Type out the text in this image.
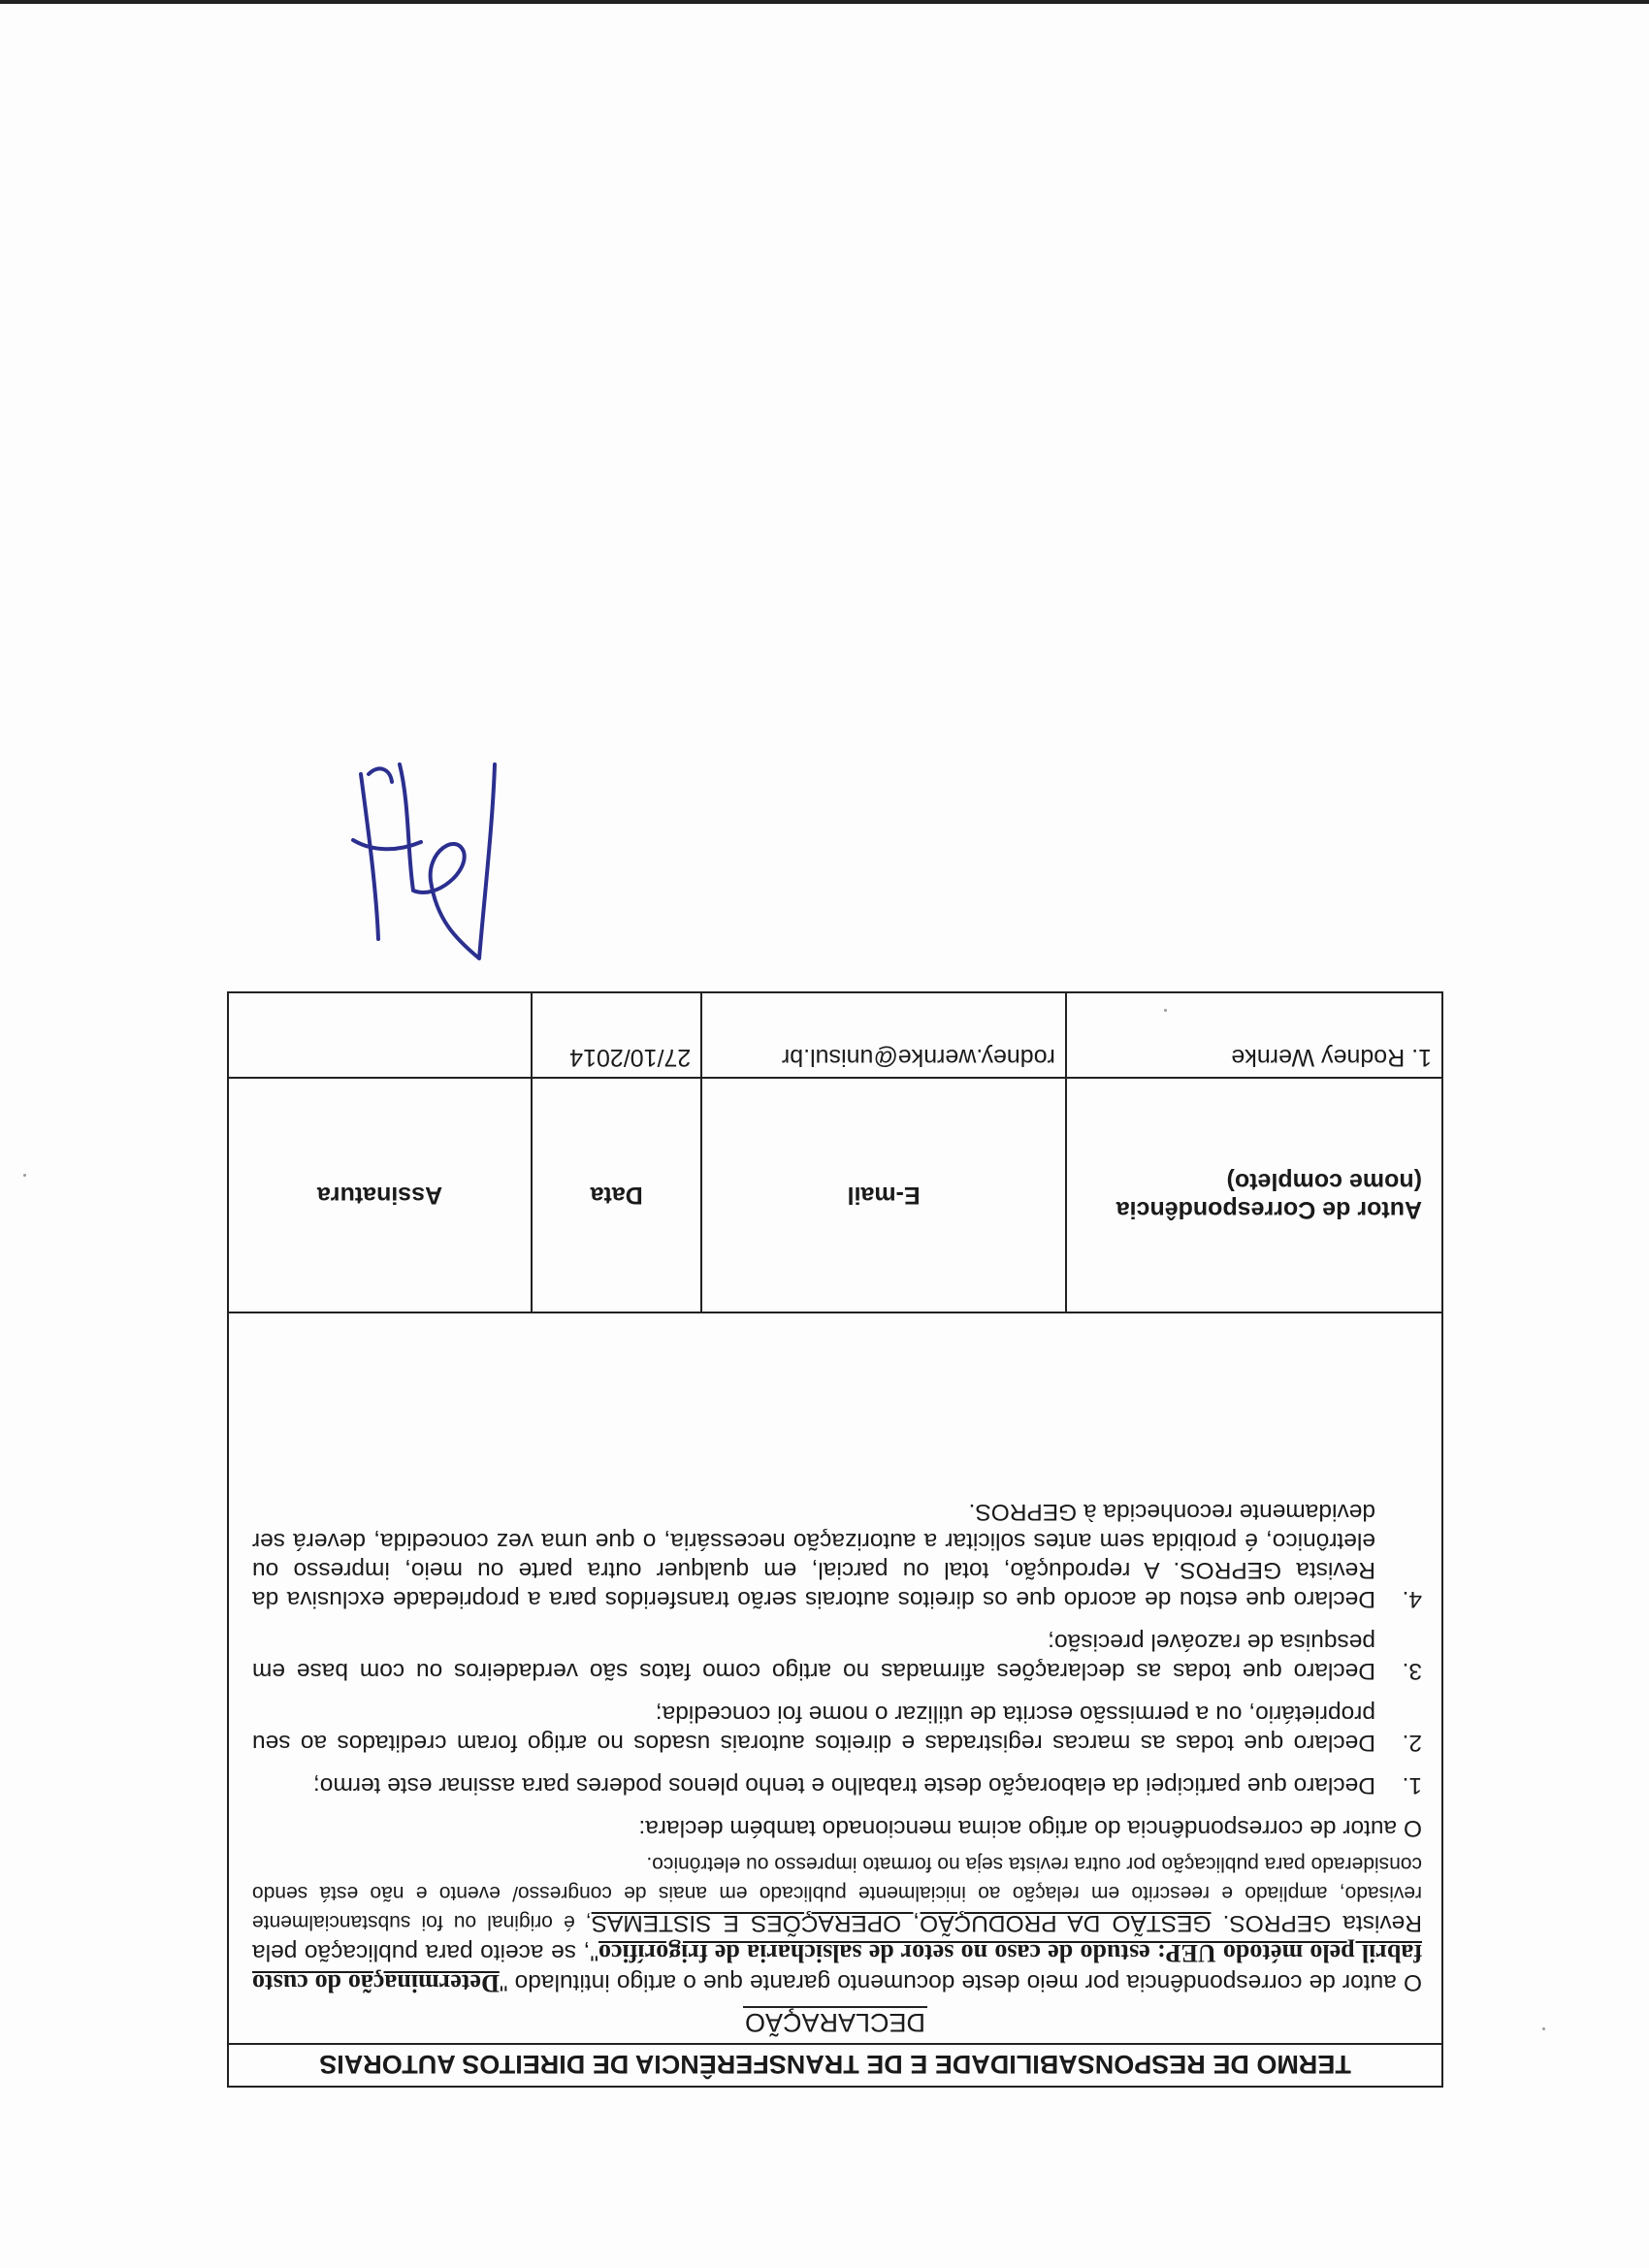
TERMO DE RESPONSABILIDADE E DE TRANSFERÊNCIA DE DIREITOS AUTORAIS
DECLARAÇÃO

O autor de correspondência por meio deste documento garante que o artigo intitulado "Determinação do custo fabril pelo método UEP: estudo de caso no setor de salsicharia de frigorífico", se aceito para publicação pela Revista GEPROS. GESTÃO DA PRODUÇÃO, OPERAÇÕES E SISTEMAS, é original ou foi substancialmente revisado, ampliado e reescrito em relação ao inicialmente publicado em anais de congresso/ evento e não está sendo considerado para publicação por outra revista seja no formato impresso ou eletrônico.

O autor de correspondência do artigo acima mencionado também declara:

1.
Declaro que participei da elaboração deste trabalho e tenho plenos poderes para assinar este termo;
2.
Declaro que todas as marcas registradas e direitos autorais usados no artigo foram creditados ao seu proprietário, ou a permissão escrita de utilizar o nome foi concedida;
3.
Declaro que todas as declarações afirmadas no artigo como fatos são verdadeiros ou com base em pesquisa de razoável precisão;
4.
Declaro que estou de acordo que os direitos autorais serão transferidos para a propriedade exclusiva da Revista GEPROS. A reprodução, total ou parcial, em qualquer outra parte ou meio, impresso ou eletrônico, é proibida sem antes solicitar a autorização necessária, o que uma vez concedida, deverá ser devidamente reconhecida à GEPROS.
Autor de Correspondência (nome completo)	E-mail	Data	Assinatura
1. Rodney Wernke	rodney.wernke@unisul.br	27/10/2014	
